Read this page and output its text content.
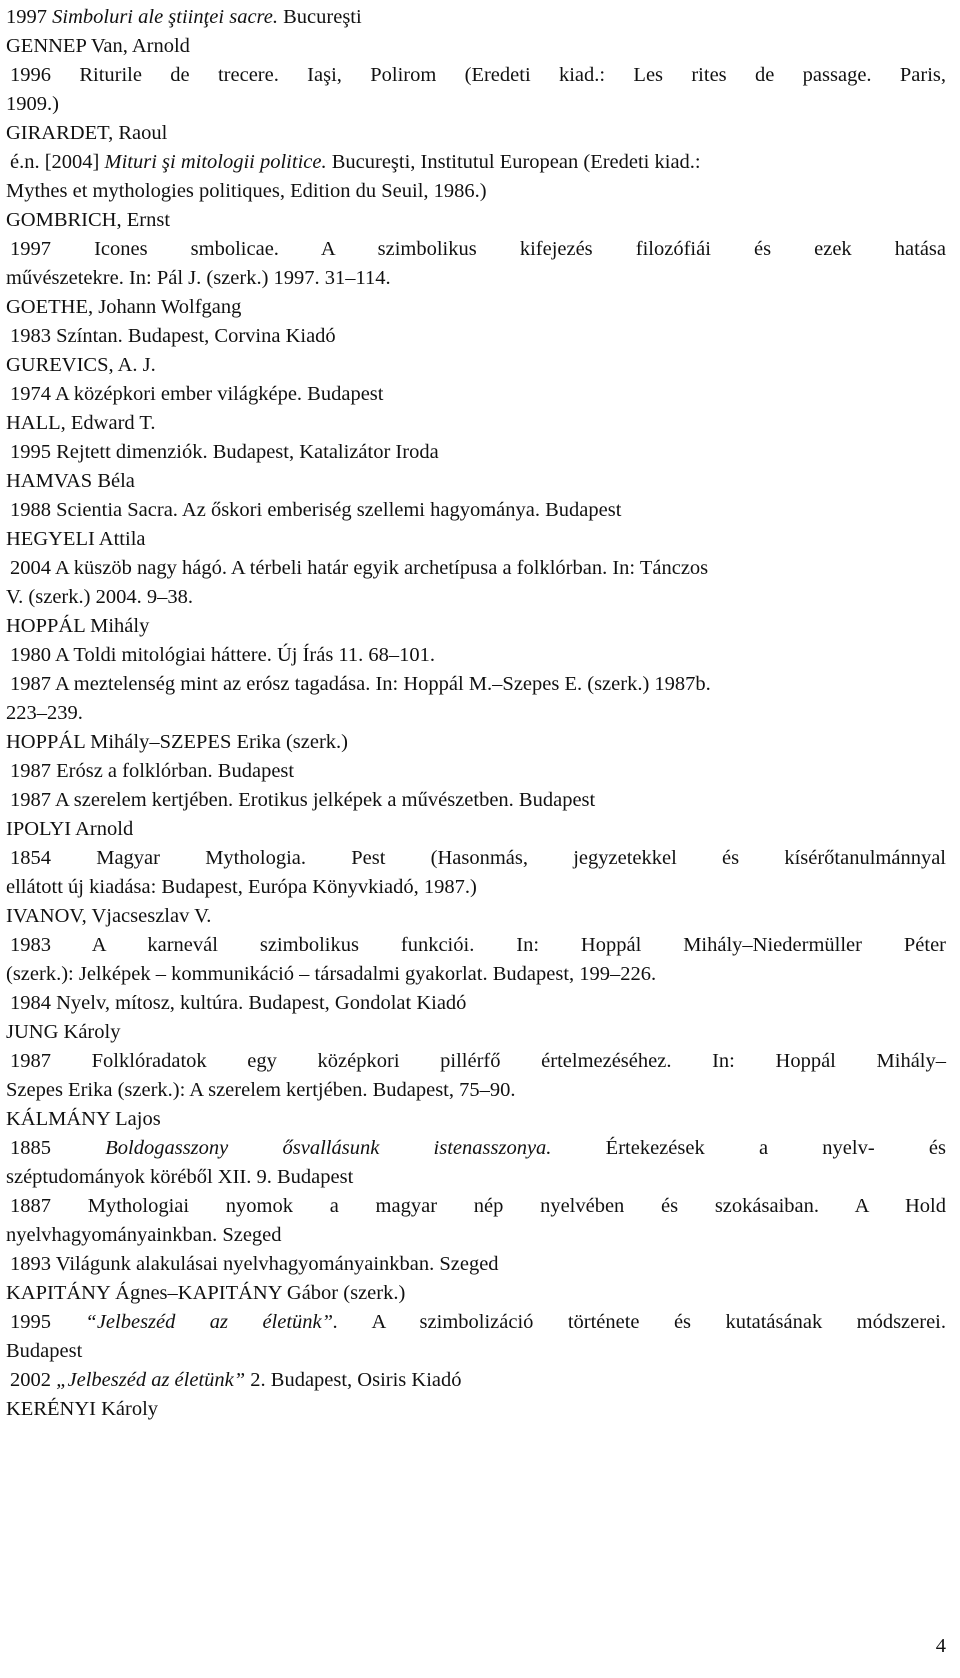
1997 Simboluri ale ştiinţei sacre. Bucureşti
GENNEP Van, Arnold
1996 Riturile de trecere. Iaşi, Polirom (Eredeti kiad.: Les rites de passage. Paris,
1909.)
GIRARDET, Raoul
é.n. [2004] Mituri şi mitologii politice. Bucureşti, Institutul European (Eredeti kiad.:
Mythes et mythologies politiques, Edition du Seuil, 1986.)
GOMBRICH, Ernst
1997 Icones smbolicae. A szimbolikus kifejezés filozófiái és ezek hatása
művészetekre. In: Pál J. (szerk.) 1997. 31–114.
GOETHE, Johann Wolfgang
1983 Színtan. Budapest, Corvina Kiadó
GUREVICS, A. J.
1974 A középkori ember világképe. Budapest
HALL, Edward T.
1995 Rejtett dimenziók. Budapest, Katalizátor Iroda
HAMVAS Béla
1988 Scientia Sacra. Az őskori emberiség szellemi hagyománya. Budapest
HEGYELI Attila
2004 A küszöb nagy hágó. A térbeli határ egyik archetípusa a folklórban. In: Tánczos
V. (szerk.) 2004. 9–38.
HOPPÁL Mihály
1980 A Toldi mitológiai háttere. Új Írás 11. 68–101.
1987 A meztelenség mint az erósz tagadása. In: Hoppál M.–Szepes E. (szerk.) 1987b.
223–239.
HOPPÁL Mihály–SZEPES Erika (szerk.)
1987 Erósz a folklórban. Budapest
1987 A szerelem kertjében. Erotikus jelképek a művészetben. Budapest
IPOLYI Arnold
1854 Magyar Mythologia. Pest (Hasonmás, jegyzetekkel és kísérőtanulmánnyal
ellátott új kiadása: Budapest, Európa Könyvkiadó, 1987.)
IVANOV, Vjacseszlav V.
1983 A karnevál szimbolikus funkciói. In: Hoppál Mihály–Niedermüller Péter
(szerk.): Jelképek – kommunikáció – társadalmi gyakorlat. Budapest, 199–226.
1984 Nyelv, mítosz, kultúra. Budapest, Gondolat Kiadó
JUNG Károly
1987 Folklóradatok egy középkori pillérfő értelmezéséhez. In: Hoppál Mihály–
Szepes Erika (szerk.): A szerelem kertjében. Budapest, 75–90.
KÁLMÁNY Lajos
1885 Boldogasszony ősvallásunk istenasszonya. Értekezések a nyelv- és
széptudományok köréből XII. 9. Budapest
1887 Mythologiai nyomok a magyar nép nyelvében és szokásaiban. A Hold
nyelvhagyományainkban. Szeged
1893 Világunk alakulásai nyelvhagyományainkban. Szeged
KAPITÁNY Ágnes–KAPITÁNY Gábor (szerk.)
1995 “Jelbeszéd az életünk”. A szimbolizáció története és kutatásának módszerei.
Budapest
2002 „Jelbeszéd az életünk” 2. Budapest, Osiris Kiadó
KERÉNYI Károly
4
